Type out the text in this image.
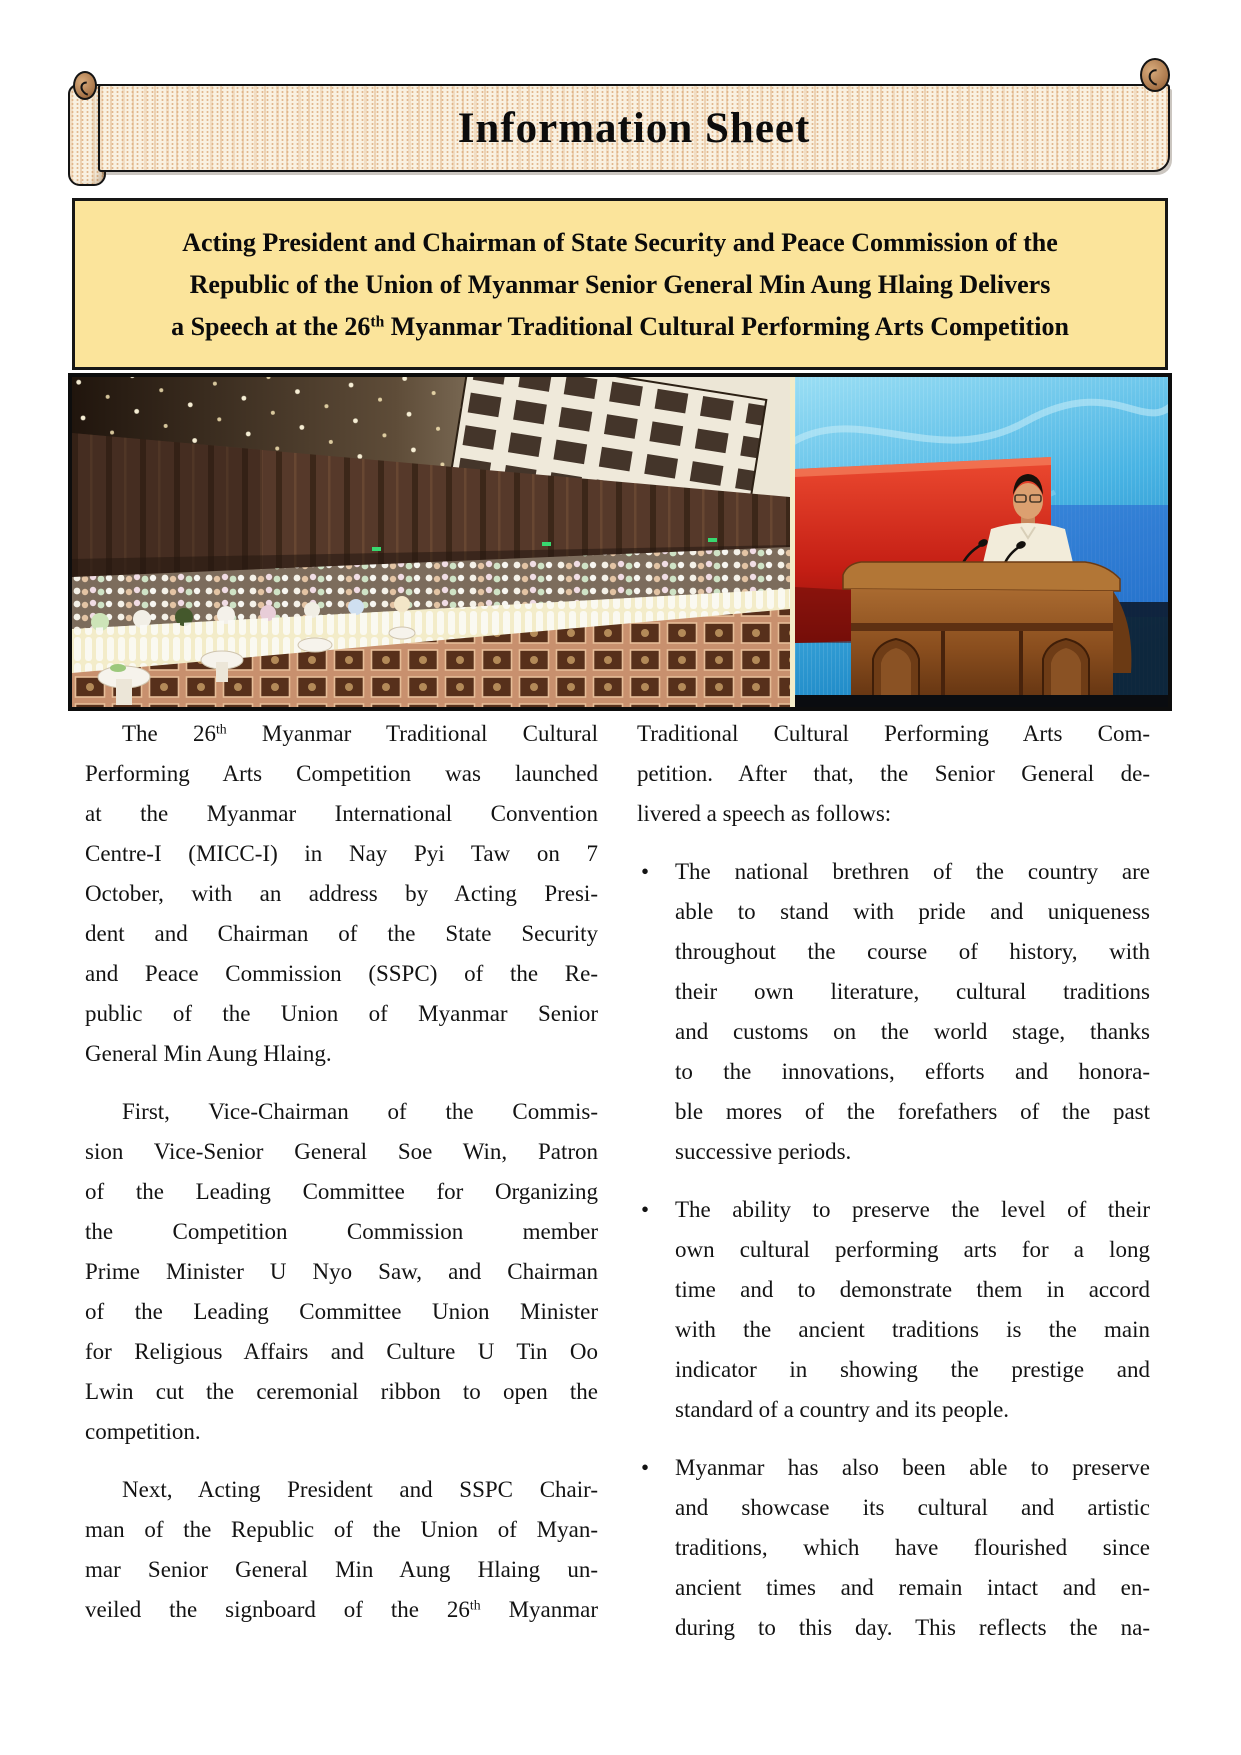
Information Sheet
Acting President and Chairman of State Security and Peace Commission of the
Republic of the Union of Myanmar Senior General Min Aung Hlaing Delivers
a Speech at the 26th Myanmar Traditional Cultural Performing Arts Competition
The 26th Myanmar Traditional Cultural
Performing Arts Competition was launched
at the Myanmar International Convention
Centre-I (MICC-I) in Nay Pyi Taw on 7
October, with an address by Acting Presi-
dent and Chairman of the State Security
and Peace Commission (SSPC) of the Re-
public of the Union of Myanmar Senior
General Min Aung Hlaing.
First, Vice-Chairman of the Commis-
sion Vice-Senior General Soe Win, Patron
of the Leading Committee for Organizing
the Competition Commission member
Prime Minister U Nyo Saw, and Chairman
of the Leading Committee Union Minister
for Religious Affairs and Culture U Tin Oo
Lwin cut the ceremonial ribbon to open the
competition.
Next, Acting President and SSPC Chair-
man of the Republic of the Union of Myan-
mar Senior General Min Aung Hlaing un-
veiled the signboard of the 26th Myanmar
Traditional Cultural Performing Arts Com-
petition. After that, the Senior General de-
livered a speech as follows:
• The national brethren of the country are
able to stand with pride and uniqueness
throughout the course of history, with
their own literature, cultural traditions
and customs on the world stage, thanks
to the innovations, efforts and honora-
ble mores of the forefathers of the past
successive periods.
• The ability to preserve the level of their
own cultural performing arts for a long
time and to demonstrate them in accord
with the ancient traditions is the main
indicator in showing the prestige and
standard of a country and its people.
• Myanmar has also been able to preserve
and showcase its cultural and artistic
traditions, which have flourished since
ancient times and remain intact and en-
during to this day. This reflects the na-
